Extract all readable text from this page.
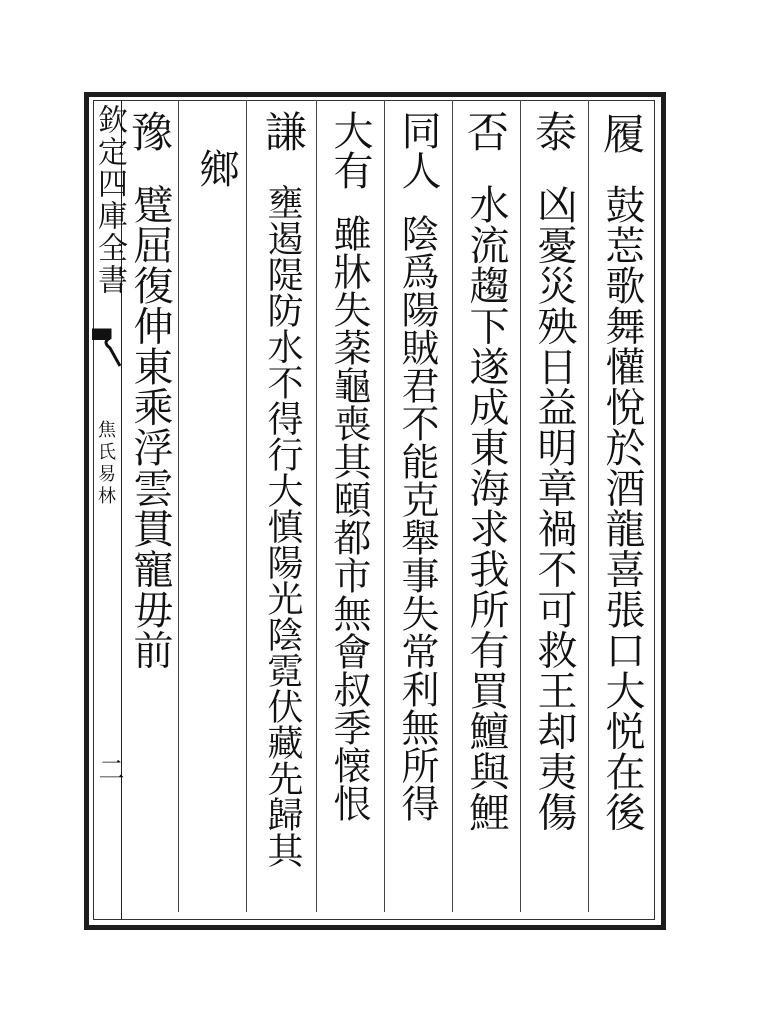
欽定四庫全書
焦氏易林
二
履
鼓莣歌舞懽悅於酒龍喜張口大悦在後
泰
凶憂災殃日益明章禍不可救王却夷傷
否
水流趨下遂成東海求我所有買鱣與鯉
同人
陰爲陽賊君不能克舉事失常利無所得
大有
雖牀失棻龜喪其頤都市無會叔季懐恨
謙
壅遏隄防水不得行大慎陽光陰霓伏藏先歸其
鄉
豫
躄屈復伸東乘浮雲貫寵毋前
